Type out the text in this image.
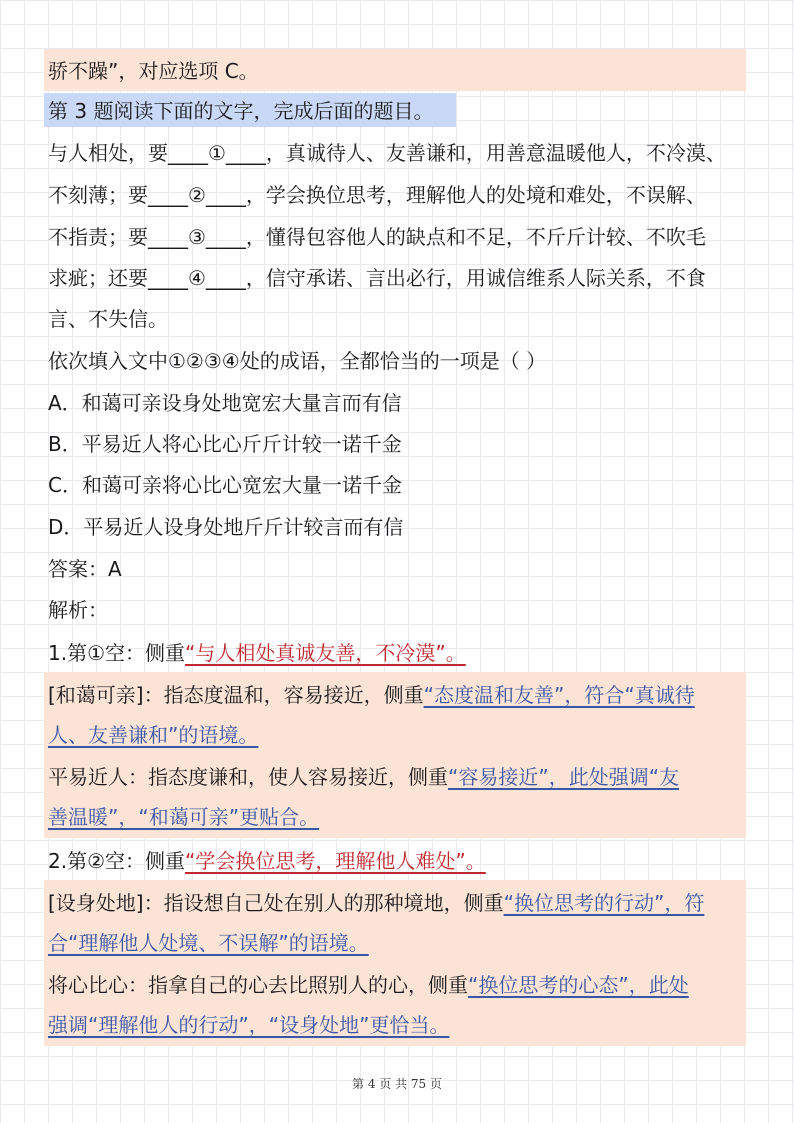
骄不躁”，对应选项 C。
第 3 题阅读下面的文字，完成后面的题目。
与人相处，要____①____，真诚待人、友善谦和，用善意温暖他人，不冷漠、
不刻薄；要____②____，学会换位思考，理解他人的处境和难处，不误解、
不指责；要____③____，懂得包容他人的缺点和不足，不斤斤计较、不吹毛
求疵；还要____④____，信守承诺、言出必行，用诚信维系人际关系，不食
言、不失信。
依次填入文中①②③④处的成语，全都恰当的一项是（ ）
A．和蔼可亲设身处地宽宏大量言而有信
B．平易近人将心比心斤斤计较一诺千金
C．和蔼可亲将心比心宽宏大量一诺千金
D．平易近人设身处地斤斤计较言而有信
答案：A
解析：
1.第①空：侧重“与人相处真诚友善，不冷漠”。
[和蔼可亲]：指态度温和，容易接近，侧重“态度温和友善”，符合“真诚待
人、友善谦和”的语境。
平易近人：指态度谦和，使人容易接近，侧重“容易接近”，此处强调“友
善温暖”，“和蔼可亲”更贴合。
2.第②空：侧重“学会换位思考，理解他人难处”。
[设身处地]：指设想自己处在别人的那种境地，侧重“换位思考的行动”，符
合“理解他人处境、不误解”的语境。
将心比心：指拿自己的心去比照别人的心，侧重“换位思考的心态”，此处
强调“理解他人的行动”，“设身处地”更恰当。
第 4 页 共 75 页
